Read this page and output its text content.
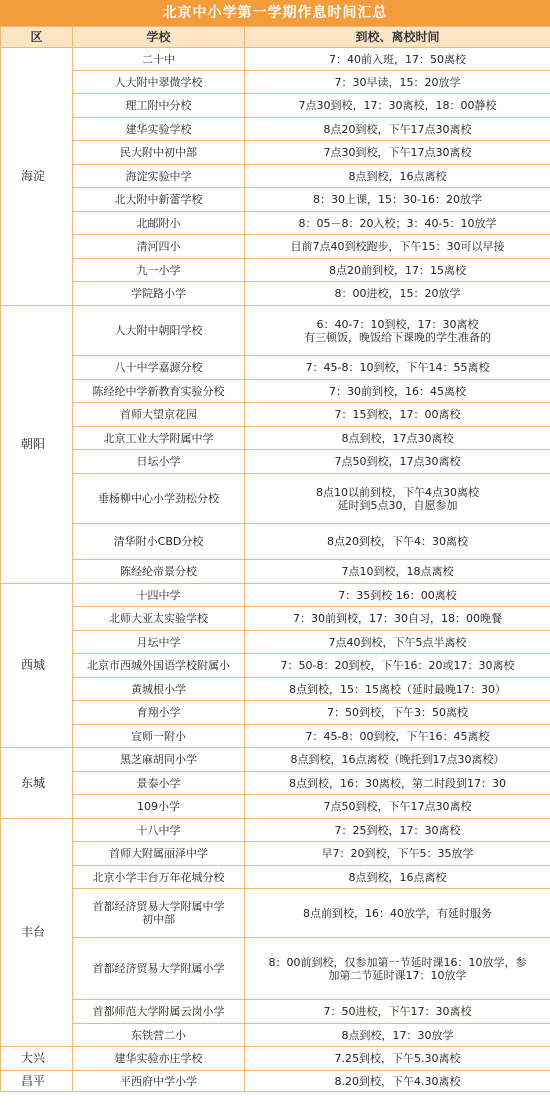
北京中小学第一学期作息时间汇总
区	学校	到校、离校时间
海淀	二十中	7：40前入班，17：50离校
	人大附中翠微学校	7：30早读，15：20放学
	理工附中分校	7点30到校，17：30离校，18：00静校
	建华实验学校	8点20到校，下午17点30离校
	民大附中初中部	7点30到校，下午17点30离校
	海淀实验中学	8点到校，16点离校
	北大附中新蕾学校	8：30上课，15：30-16：20放学
	北邮附小	8：05－8：20入校；3：40-5：10放学
	清河四小	目前7点40到校跑步，下午15：30可以早接
	九一小学	8点20前到校，17：15离校
	学院路小学	8：00进校，15：20放学
朝阳	人大附中朝阳学校	6：40-7：10到校，17：30离校
有三顿饭，晚饭给下课晚的学生准备的
	八十中学嘉源分校	7：45-8：10到校，下午14：55离校
	陈经纶中学新教育实验分校	7：30前到校，16：45离校
	首师大望京花园	7：15到校，17：00离校
	北京工业大学附属中学	8点到校，17点30离校
	日坛小学	7点50到校，17点30离校
	垂杨柳中心小学劲松分校	8点10以前到校，下午4点30离校
延时到5点30，自愿参加
	清华附小CBD分校	8点20到校，下午4：30离校
	陈经纶帝景分校	7点10到校，18点离校
西城	十四中学	7：35到校 16：00离校
	北师大亚太实验学校	7：30前到校，17：30自习，18：00晚餐
	月坛中学	7点40到校，下午5点半离校
	北京市西城外国语学校附属小	7：50-8：20到校，下午16：20或17：30离校
	黄城根小学	8点到校，15：15离校（延时最晚17：30）
	育翔小学	7：50到校，下午3：50离校
	宣师一附小	7：45-8：00到校，下午16：45离校
东城	黑芝麻胡同小学	8点到校，16点离校（晚托到17点30离校）
	景泰小学	8点到校，16：30离校，第二时段到17：30
	109小学	7点50到校，下午17点30离校
丰台	十八中学	7：25到校，17：30离校
	首师大附属丽泽中学	早7：20到校，下午5：35放学
	北京小学丰台万年花城分校	8点到校，16点离校
	首都经济贸易大学附属中学
初中部	8点前到校，16：40放学，有延时服务
	首都经济贸易大学附属小学	8：00前到校，仅参加第一节延时课16：10放学，参
加第二节延时课17：10放学
	首都师范大学附属云岗小学	7：50进校，下午17：30离校
	东铁营二小	8点到校，17：30放学
大兴	建华实验亦庄学校	7.25到校，下午5.30离校
昌平	平西府中学小学	8.20到校，下午4.30离校
